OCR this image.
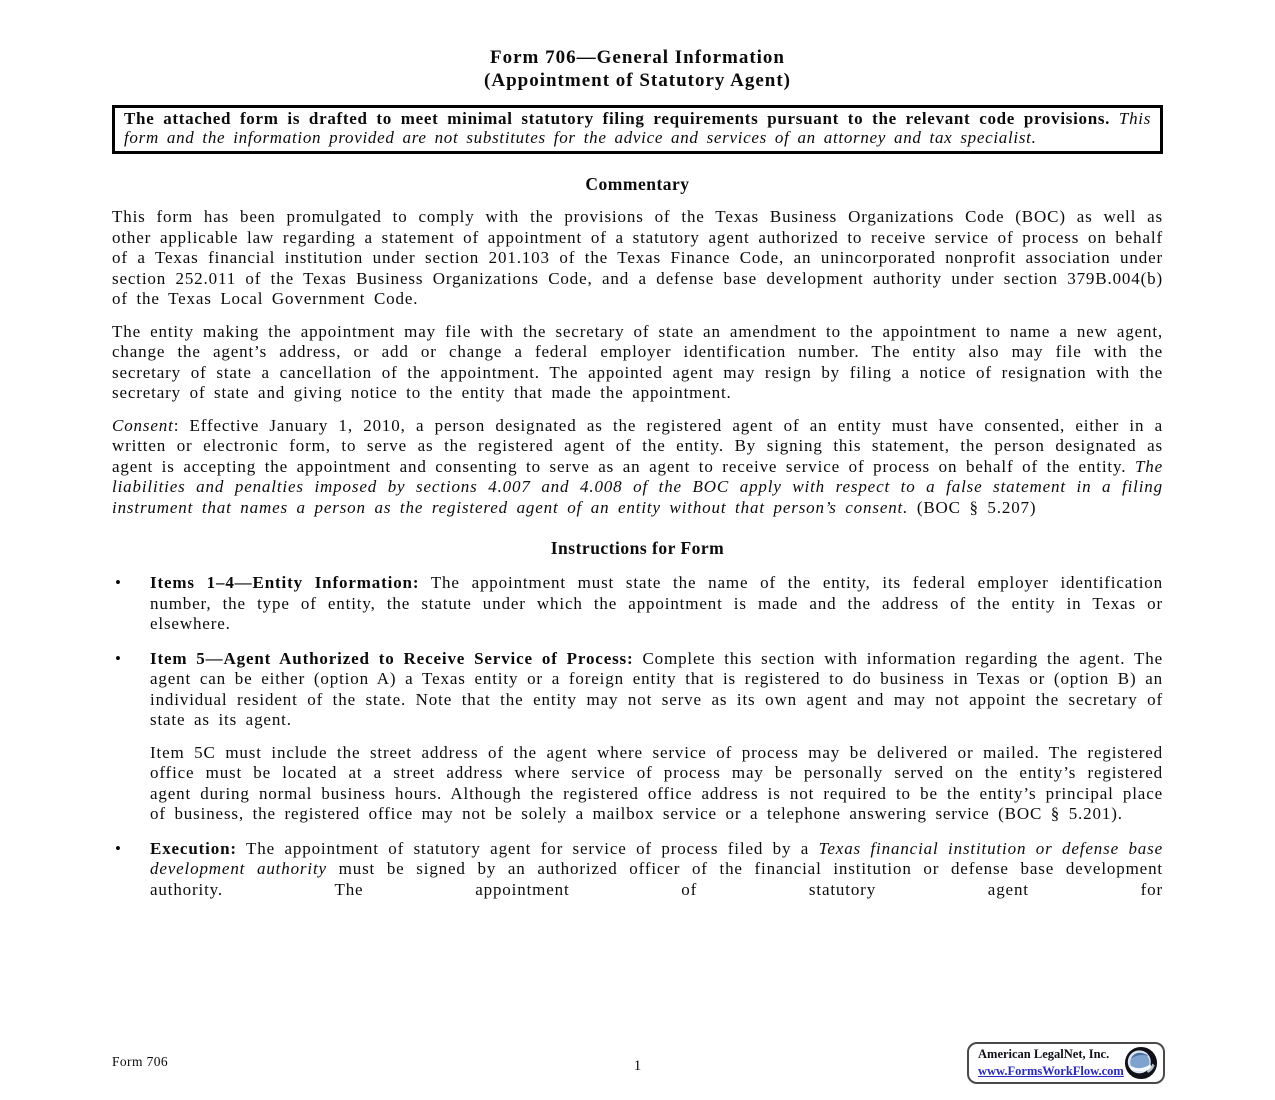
Form 706—General Information
(Appointment of Statutory Agent)
The attached form is drafted to meet minimal statutory filing requirements pursuant to the relevant code provisions. This form and the information provided are not substitutes for the advice and services of an attorney and tax specialist.
Commentary

This form has been promulgated to comply with the provisions of the Texas Business Organizations Code (BOC) as well as other applicable law regarding a statement of appointment of a statutory agent authorized to receive service of process on behalf of a Texas financial institution under section 201.103 of the Texas Finance Code, an unincorporated nonprofit association under section 252.011 of the Texas Business Organizations Code, and a defense base development authority under section 379B.004(b) of the Texas Local Government Code.

The entity making the appointment may file with the secretary of state an amendment to the appointment to name a new agent, change the agent’s address, or add or change a federal employer identification number. The entity also may file with the secretary of state a cancellation of the appointment. The appointed agent may resign by filing a notice of resignation with the secretary of state and giving notice to the entity that made the appointment.

Consent: Effective January 1, 2010, a person designated as the registered agent of an entity must have consented, either in a written or electronic form, to serve as the registered agent of the entity. By signing this statement, the person designated as agent is accepting the appointment and consenting to serve as an agent to receive service of process on behalf of the entity. The liabilities and penalties imposed by sections 4.007 and 4.008 of the BOC apply with respect to a false statement in a filing instrument that names a person as the registered agent of an entity without that person’s consent. (BOC § 5.207)

Instructions for Form

• Items 1–4—Entity Information: The appointment must state the name of the entity, its federal employer identification number, the type of entity, the statute under which the appointment is made and the address of the entity in Texas or elsewhere.

• Item 5—Agent Authorized to Receive Service of Process: Complete this section with information regarding the agent. The agent can be either (option A) a Texas entity or a foreign entity that is registered to do business in Texas or (option B) an individual resident of the state. Note that the entity may not serve as its own agent and may not appoint the secretary of state as its agent.

Item 5C must include the street address of the agent where service of process may be delivered or mailed. The registered office must be located at a street address where service of process may be personally served on the entity’s registered agent during normal business hours. Although the registered office address is not required to be the entity’s principal place of business, the registered office may not be solely a mailbox service or a telephone answering service (BOC § 5.201).

• Execution: The appointment of statutory agent for service of process filed by a Texas financial institution or defense base development authority must be signed by an authorized officer of the financial institution or defense base development authority. The appointment of statutory agent for

Form 706	1
American LegalNet, Inc.
www.FormsWorkFlow.com
